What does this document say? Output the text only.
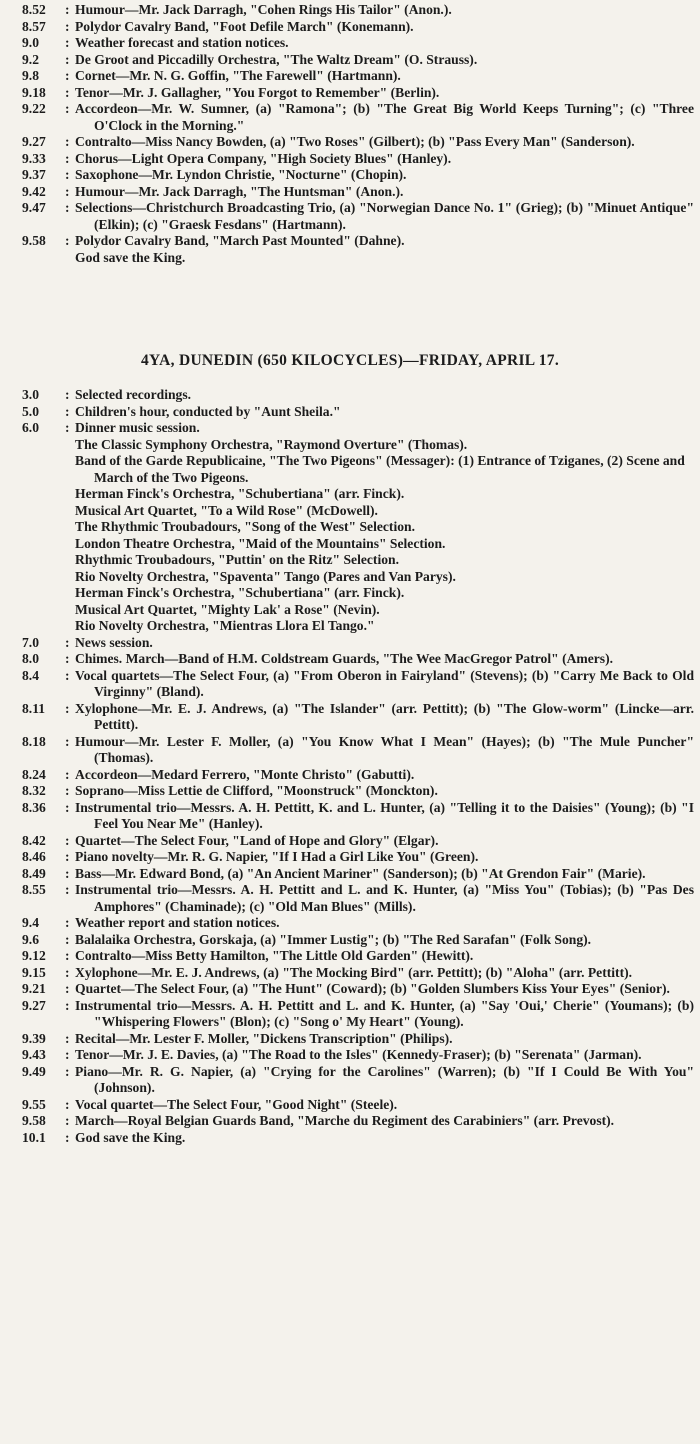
8.52 : Humour—Mr. Jack Darragh, "Cohen Rings His Tailor" (Anon.).
8.57 : Polydor Cavalry Band, "Foot Defile March" (Konemann).
9.0 : Weather forecast and station notices.
9.2 : De Groot and Piccadilly Orchestra, "The Waltz Dream" (O. Strauss).
9.8 : Cornet—Mr. N. G. Goffin, "The Farewell" (Hartmann).
9.18 : Tenor—Mr. J. Gallagher, "You Forgot to Remember" (Berlin).
9.22 : Accordeon—Mr. W. Sumner, (a) "Ramona"; (b) "The Great Big World Keeps Turning"; (c) "Three O'Clock in the Morning."
9.27 : Contralto—Miss Nancy Bowden, (a) "Two Roses" (Gilbert); (b) "Pass Every Man" (Sanderson).
9.33 : Chorus—Light Opera Company, "High Society Blues" (Hanley).
9.37 : Saxophone—Mr. Lyndon Christie, "Nocturne" (Chopin).
9.42 : Humour—Mr. Jack Darragh, "The Huntsman" (Anon.).
9.47 : Selections—Christchurch Broadcasting Trio, (a) "Norwegian Dance No. 1" (Grieg); (b) "Minuet Antique" (Elkin); (c) "Graesk Fesdans" (Hartmann).
9.58 : Polydor Cavalry Band, "March Past Mounted" (Dahne).
God save the King.
4YA, DUNEDIN (650 KILOCYCLES)—FRIDAY, APRIL 17.
3.0 : Selected recordings.
5.0 : Children's hour, conducted by "Aunt Sheila."
6.0 : Dinner music session.
The Classic Symphony Orchestra, "Raymond Overture" (Thomas).
Band of the Garde Republicaine, "The Two Pigeons" (Messager): (1) Entrance of Tziganes, (2) Scene and March of the Two Pigeons.
Herman Finck's Orchestra, "Schubertiana" (arr. Finck).
Musical Art Quartet, "To a Wild Rose" (McDowell).
The Rhythmic Troubadours, "Song of the West" Selection.
London Theatre Orchestra, "Maid of the Mountains" Selection.
Rhythmic Troubadours, "Puttin' on the Ritz" Selection.
Rio Novelty Orchestra, "Spaventa" Tango (Pares and Van Parys).
Herman Finck's Orchestra, "Schubertiana" (arr. Finck).
Musical Art Quartet, "Mighty Lak' a Rose" (Nevin).
Rio Novelty Orchestra, "Mientras Llora El Tango."
7.0 : News session.
8.0 : Chimes. March—Band of H.M. Coldstream Guards, "The Wee MacGregor Patrol" (Amers).
8.4 : Vocal quartets—The Select Four, (a) "From Oberon in Fairyland" (Stevens); (b) "Carry Me Back to Old Virginny" (Bland).
8.11 : Xylophone—Mr. E. J. Andrews, (a) "The Islander" (arr. Pettitt); (b) "The Glow-worm" (Lincke—arr. Pettitt).
8.18 : Humour—Mr. Lester F. Moller, (a) "You Know What I Mean" (Hayes); (b) "The Mule Puncher" (Thomas).
8.24 : Accordeon—Medard Ferrero, "Monte Christo" (Gabutti).
8.32 : Soprano—Miss Lettie de Clifford, "Moonstruck" (Monckton).
8.36 : Instrumental trio—Messrs. A. H. Pettitt, K. and L. Hunter, (a) "Telling it to the Daisies" (Young); (b) "I Feel You Near Me" (Hanley).
8.42 : Quartet—The Select Four, "Land of Hope and Glory" (Elgar).
8.46 : Piano novelty—Mr. R. G. Napier, "If I Had a Girl Like You" (Green).
8.49 : Bass—Mr. Edward Bond, (a) "An Ancient Mariner" (Sanderson); (b) "At Grendon Fair" (Marie).
8.55 : Instrumental trio—Messrs. A. H. Pettitt and L. and K. Hunter, (a) "Miss You" (Tobias); (b) "Pas Des Amphores" (Chaminade); (c) "Old Man Blues" (Mills).
9.4 : Weather report and station notices.
9.6 : Balalaika Orchestra, Gorskaja, (a) "Immer Lustig"; (b) "The Red Sarafan" (Folk Song).
9.12 : Contralto—Miss Betty Hamilton, "The Little Old Garden" (Hewitt).
9.15 : Xylophone—Mr. E. J. Andrews, (a) "The Mocking Bird" (arr. Pettitt); (b) "Aloha" (arr. Pettitt).
9.21 : Quartet—The Select Four, (a) "The Hunt" (Coward); (b) "Golden Slumbers Kiss Your Eyes" (Senior).
9.27 : Instrumental trio—Messrs. A. H. Pettitt and L. and K. Hunter, (a) "Say 'Oui,' Cherie" (Youmans); (b) "Whispering Flowers" (Blon); (c) "Song o' My Heart" (Young).
9.39 : Recital—Mr. Lester F. Moller, "Dickens Transcription" (Philips).
9.43 : Tenor—Mr. J. E. Davies, (a) "The Road to the Isles" (Kennedy-Fraser); (b) "Serenata" (Jarman).
9.49 : Piano—Mr. R. G. Napier, (a) "Crying for the Carolines" (Warren); (b) "If I Could Be With You" (Johnson).
9.55 : Vocal quartet—The Select Four, "Good Night" (Steele).
9.58 : March—Royal Belgian Guards Band, "Marche du Regiment des Carabiniers" (arr. Prevost).
10.1 : God save the King.
